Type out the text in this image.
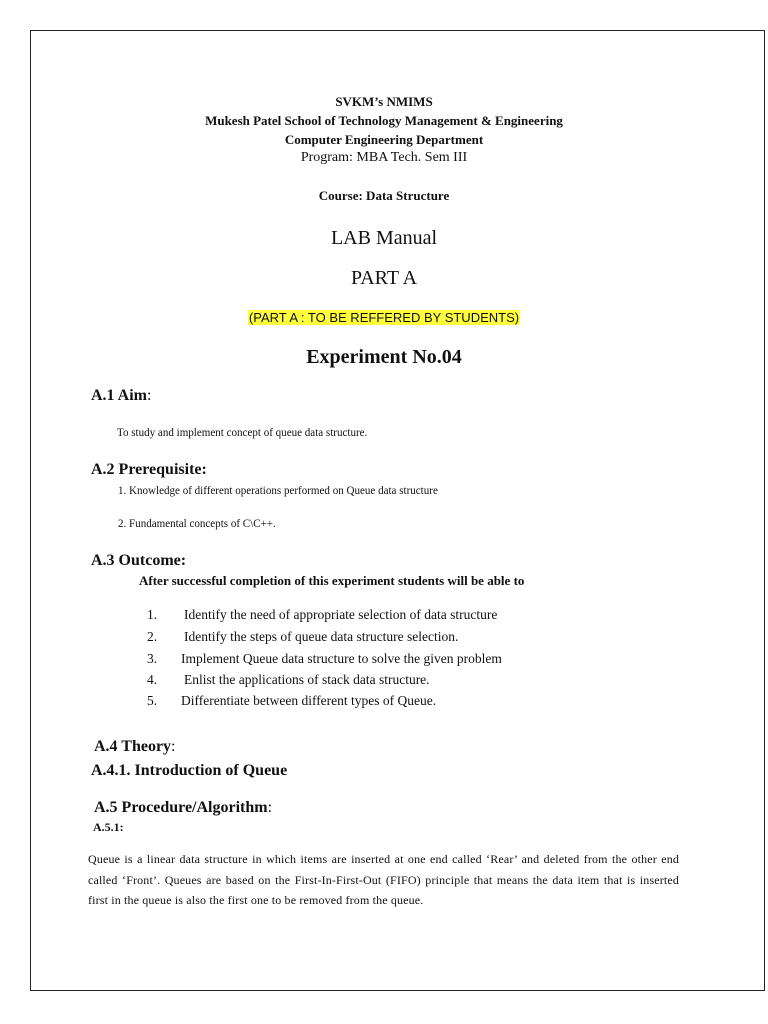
SVKM’s NMIMS
Mukesh Patel School of Technology Management & Engineering
Computer Engineering Department
Program: MBA Tech. Sem III
Course: Data Structure
LAB Manual
PART A
(PART A : TO BE REFFERED BY STUDENTS)
Experiment No.04
A.1 Aim:
To study and implement concept of queue data structure.
A.2 Prerequisite:
1. Knowledge of different operations performed on Queue data structure
2. Fundamental concepts of C\C++.
A.3 Outcome:
After successful completion of this experiment students will be able to
1. Identify the need of appropriate selection of data structure
2. Identify the steps of queue data structure selection.
3. Implement Queue data structure to solve the given problem
4. Enlist the applications of stack data structure.
5. Differentiate between different types of Queue.
A.4 Theory:
A.4.1. Introduction of Queue
A.5 Procedure/Algorithm:
A.5.1:
Queue is a linear data structure in which items are inserted at one end called ‘Rear’ and deleted from the other end called ‘Front’. Queues are based on the First-In-First-Out (FIFO) principle that means the data item that is inserted first in the queue is also the first one to be removed from the queue.
